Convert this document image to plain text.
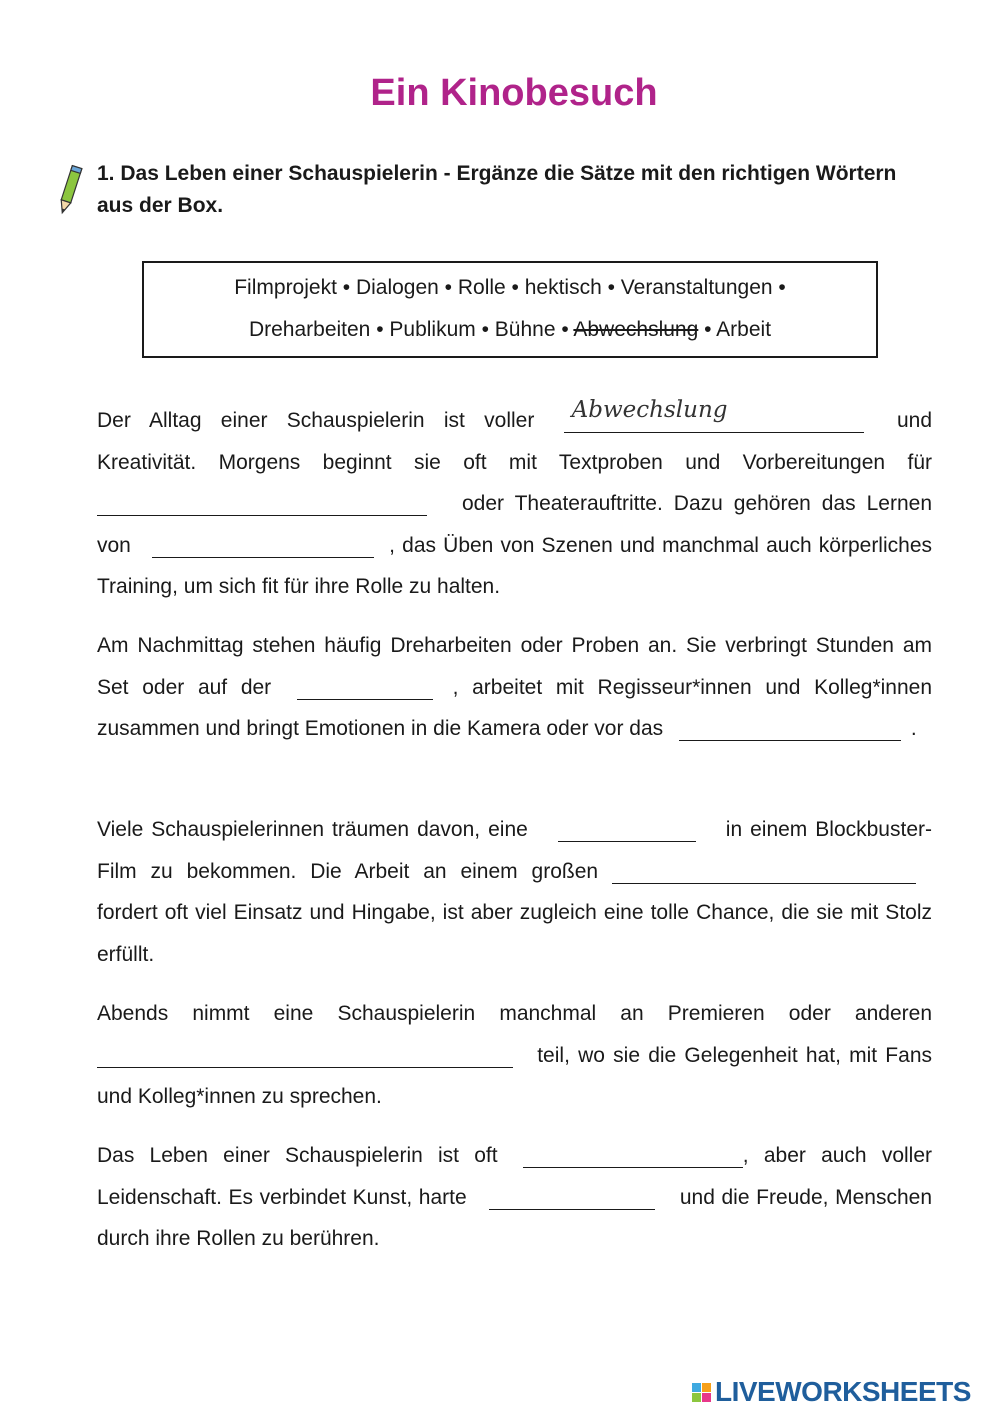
Ein Kinobesuch
1. Das Leben einer Schauspielerin - Ergänze die Sätze mit den richtigen Wörtern aus der Box.
Filmprojekt • Dialogen • Rolle • hektisch • Veranstaltungen •
Dreharbeiten • Publikum • Bühne • Abwechslung • Arbeit
Der Alltag einer Schauspielerin ist voller Abwechslung	und Kreativität. Morgens beginnt sie oft mit Textproben und Vorbereitungen für  oder Theaterauftritte. Dazu gehören das Lernen von	, das Üben von Szenen und manchmal auch körperliches Training, um sich fit für ihre Rolle zu halten.
Am Nachmittag stehen häufig Dreharbeiten oder Proben an. Sie verbringt Stunden am Set oder auf der	, arbeitet mit Regisseur*innen und Kolleg*innen zusammen und bringt Emotionen in die Kamera oder vor das	.
Viele Schauspielerinnen träumen davon, eine	in einem Blockbuster-Film zu bekommen. Die Arbeit an einem großen  fordert oft viel Einsatz und Hingabe, ist aber zugleich eine tolle Chance, die sie mit Stolz erfüllt.
Abends nimmt eine Schauspielerin manchmal an Premieren oder anderen  teil, wo sie die Gelegenheit hat, mit Fans und Kolleg*innen zu sprechen.
Das Leben einer Schauspielerin ist oft	, aber auch voller Leidenschaft. Es verbindet Kunst, harte	und die Freude, Menschen durch ihre Rollen zu berühren.
LIVEWORKSHEETS
